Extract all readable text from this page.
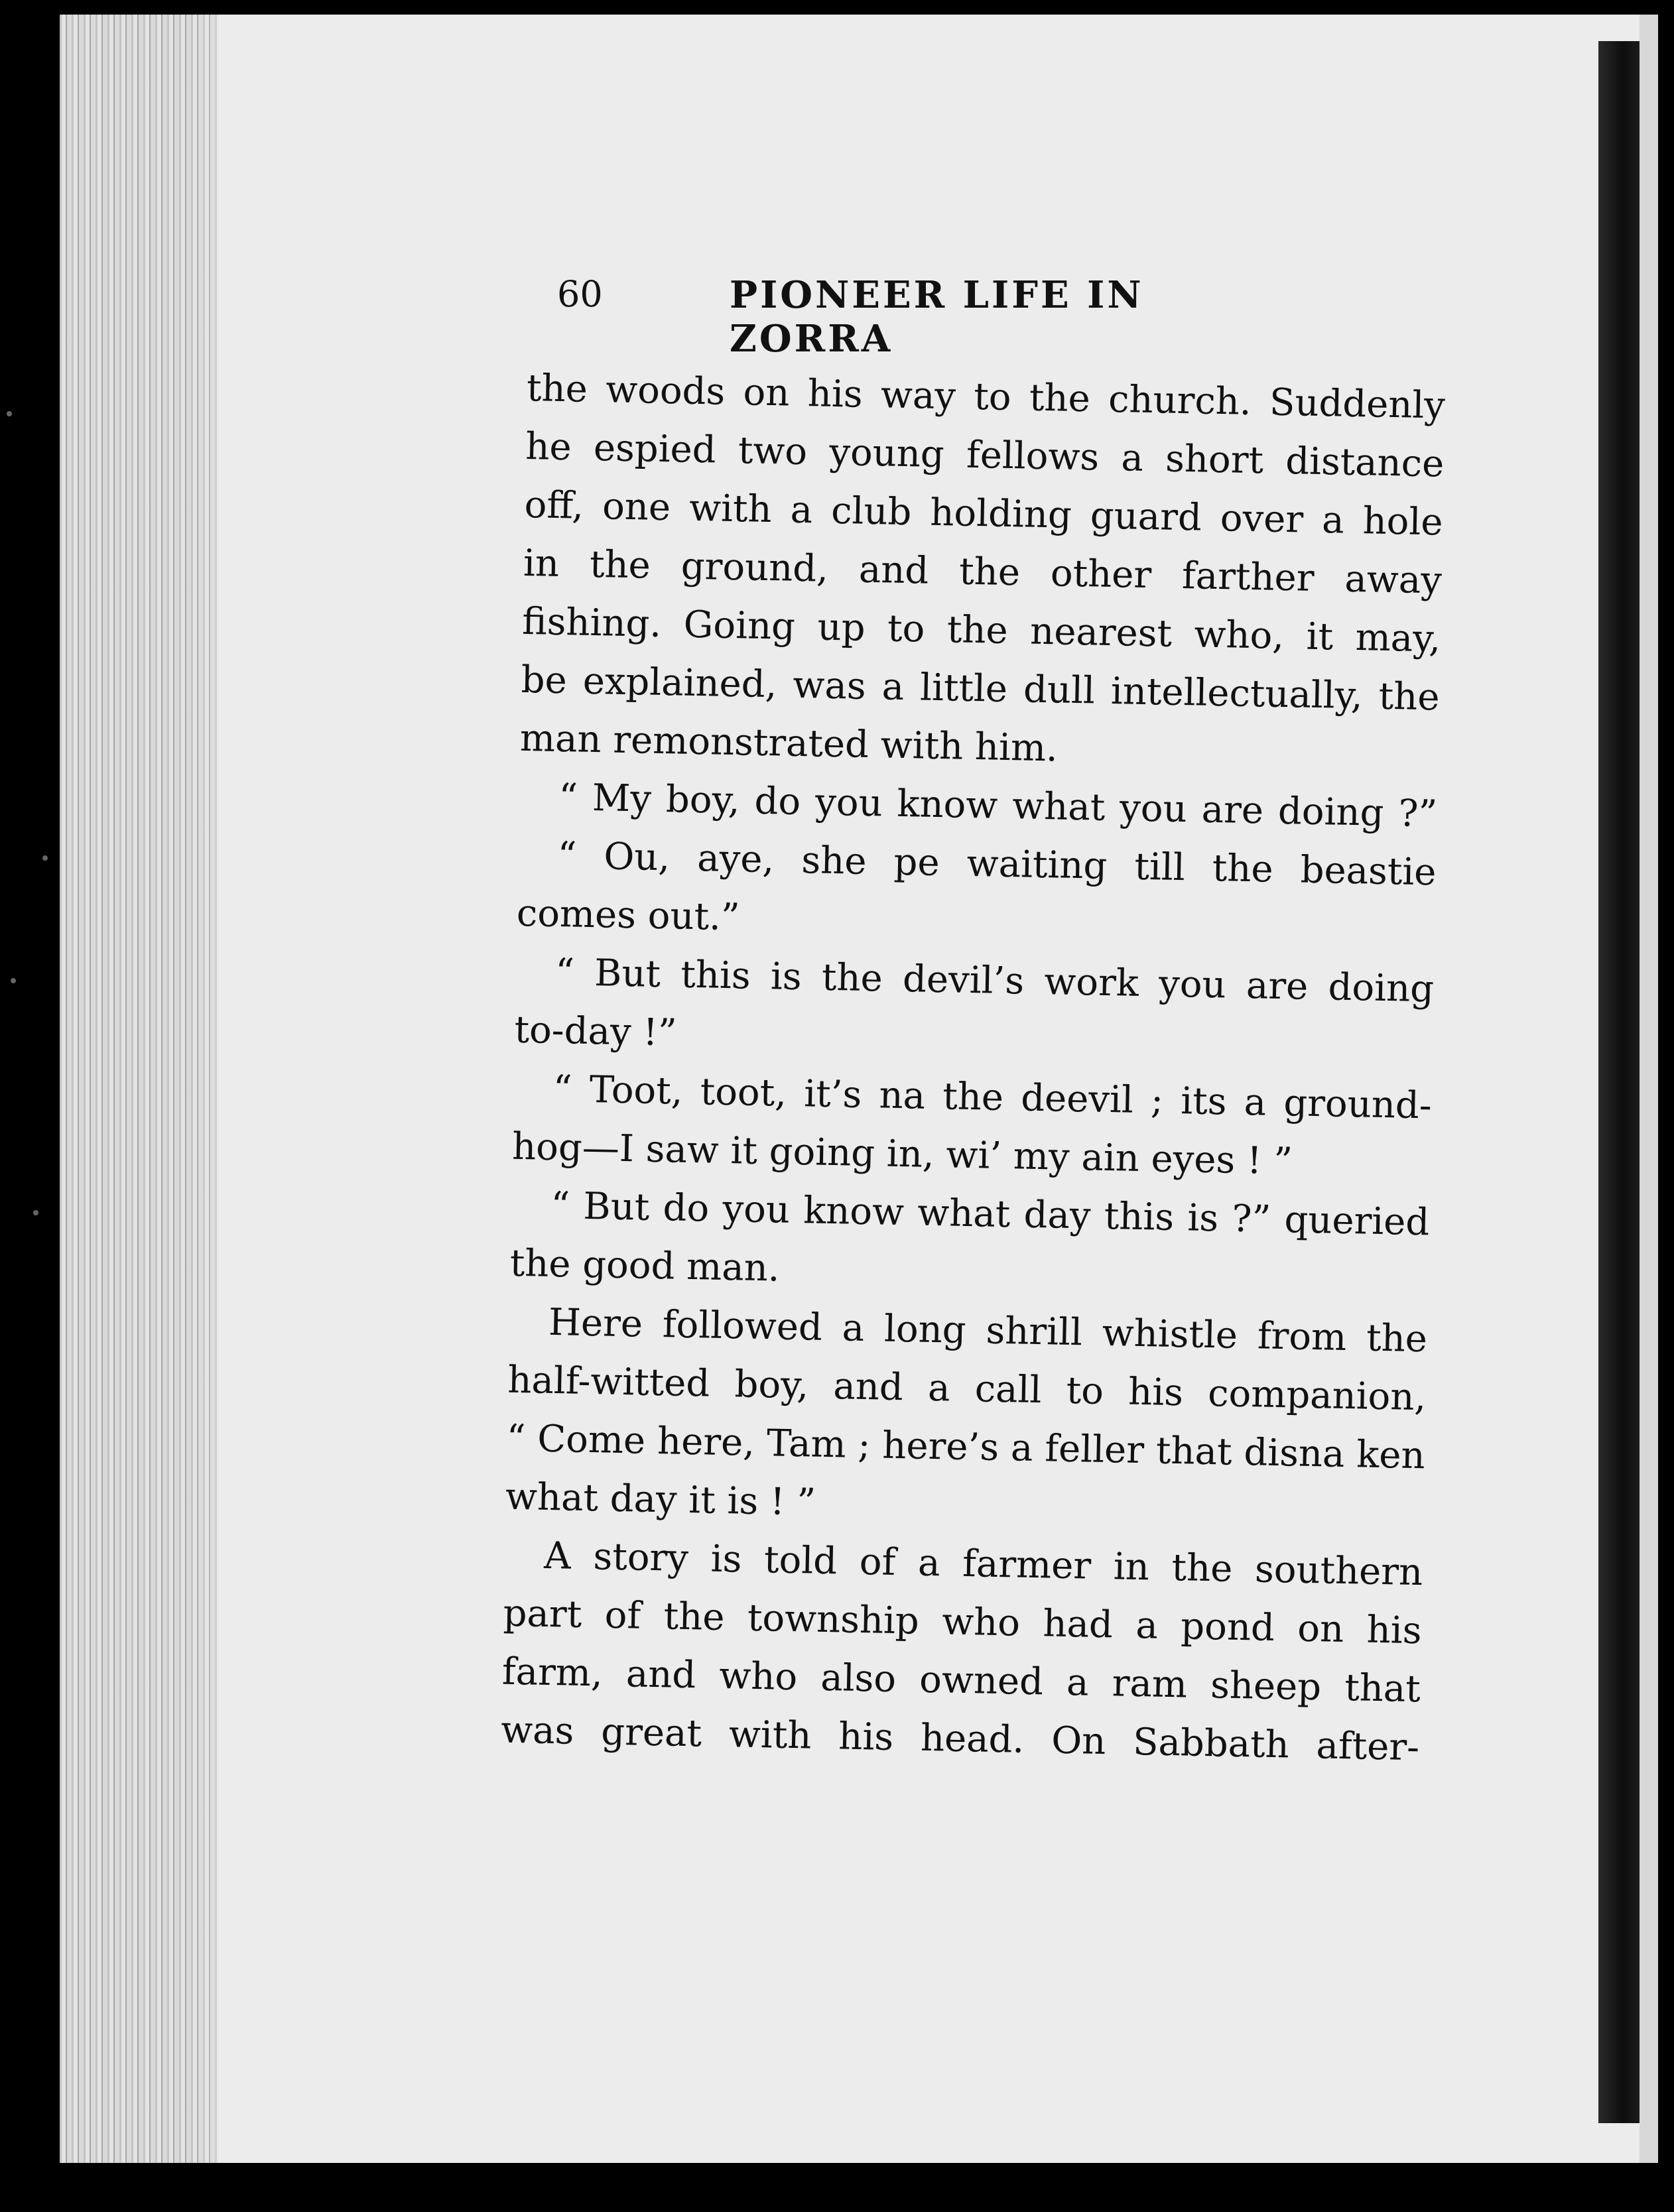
60	PIONEER LIFE IN ZORRA
the woods on his way to the church. Suddenly
he espied two young fellows a short distance
off, one with a club holding guard over a hole
in the ground, and the other farther away
fishing. Going up to the nearest who, it may,
be explained, was a little dull intellectually, the
man remonstrated with him.
“ My boy, do you know what you are doing ?”
“ Ou, aye, she pe waiting till the beastie
comes out.”
“ But this is the devil’s work you are doing
to-day !”
“ Toot, toot, it’s na the deevil ; its a ground-
hog—I saw it going in, wi’ my ain eyes ! ”
“ But do you know what day this is ?” queried
the good man.
Here followed a long shrill whistle from the
half-witted boy, and a call to his companion,
“ Come here, Tam ; here’s a feller that disna ken
what day it is ! ”
A story is told of a farmer in the southern
part of the township who had a pond on his
farm, and who also owned a ram sheep that
was great with his head. On Sabbath after-
